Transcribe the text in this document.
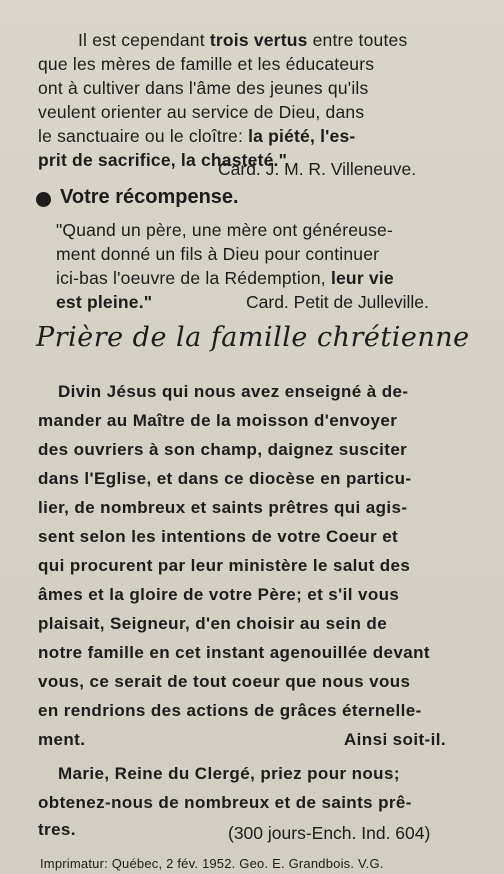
Il est cependant trois vertus entre toutes
que les mères de famille et les éducateurs
ont à cultiver dans l'âme des jeunes qu'ils
veulent orienter au service de Dieu, dans
le sanctuaire ou le cloître: la piété, l'es-
prit de sacrifice, la chasteté."
Card. J. M. R. Villeneuve.
Votre récompense.
"Quand un père, une mère ont généreuse-
ment donné un fils à Dieu pour continuer
ici-bas l'oeuvre de la Rédemption, leur vie
est pleine."	Card. Petit de Julleville.
Prière de la famille chrétienne
Divin Jésus qui nous avez enseigné à de-
mander au Maître de la moisson d'envoyer
des ouvriers à son champ, daignez susciter
dans l'Eglise, et dans ce diocèse en particu-
lier, de nombreux et saints prêtres qui agis-
sent selon les intentions de votre Coeur et
qui procurent par leur ministère le salut des
âmes et la gloire de votre Père; et s'il vous
plaisait, Seigneur, d'en choisir au sein de
notre famille en cet instant agenouillée devant
vous, ce serait de tout coeur que nous vous
en rendrions des actions de grâces éternelle-
ment.	Ainsi soit-il.
Marie, Reine du Clergé, priez pour nous;
obtenez-nous de nombreux et de saints prê-
tres.	(300 jours-Ench. Ind. 604)
Imprimatur: Québec, 2 fév. 1952. Geo. E. Grandbois. V.G.
